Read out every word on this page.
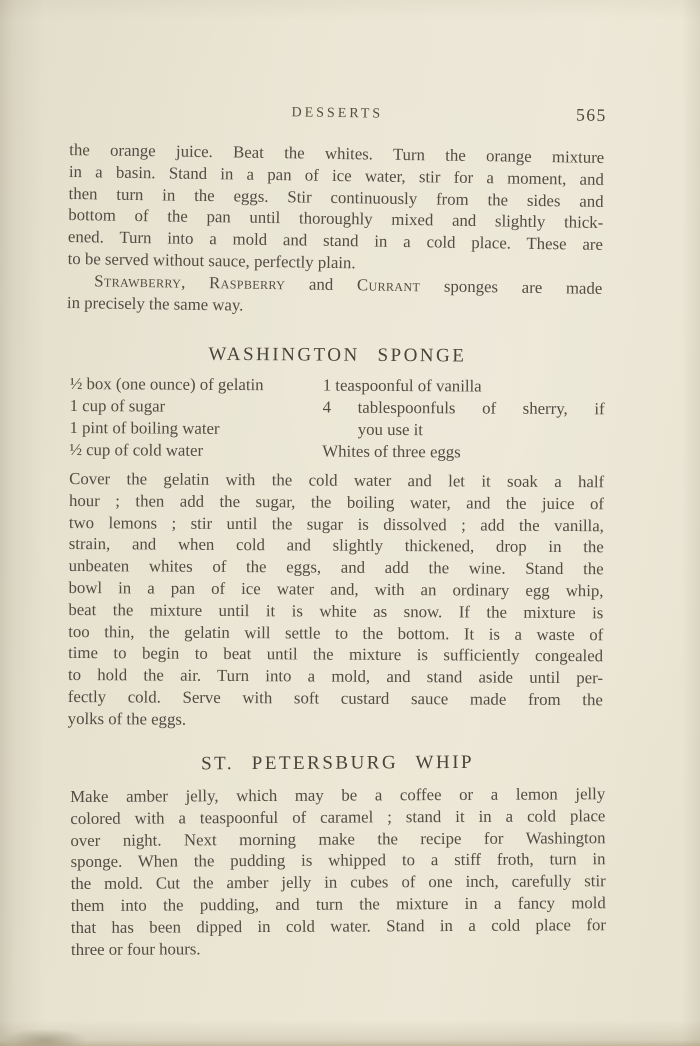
DESSERTS	565
the orange juice. Beat the whites. Turn the orange mixture
in a basin. Stand in a pan of ice water, stir for a moment, and
then turn in the eggs. Stir continuously from the sides and
bottom of the pan until thoroughly mixed and slightly thick-
ened. Turn into a mold and stand in a cold place. These are
to be served without sauce, perfectly plain.
Strawberry, Raspberry and Currant sponges are made
in precisely the same way.
WASHINGTON SPONGE
½ box (one ounce) of gelatin
1 cup of sugar
1 pint of boiling water
½ cup of cold water
1 teaspoonful of vanilla
4 tablespoonfuls of sherry, if
you use it
Whites of three eggs
Cover the gelatin with the cold water and let it soak a half
hour ; then add the sugar, the boiling water, and the juice of
two lemons ; stir until the sugar is dissolved ; add the vanilla,
strain, and when cold and slightly thickened, drop in the
unbeaten whites of the eggs, and add the wine. Stand the
bowl in a pan of ice water and, with an ordinary egg whip,
beat the mixture until it is white as snow. If the mixture is
too thin, the gelatin will settle to the bottom. It is a waste of
time to begin to beat until the mixture is sufficiently congealed
to hold the air. Turn into a mold, and stand aside until per-
fectly cold. Serve with soft custard sauce made from the
yolks of the eggs.
ST. PETERSBURG WHIP
Make amber jelly, which may be a coffee or a lemon jelly
colored with a teaspoonful of caramel ; stand it in a cold place
over night. Next morning make the recipe for Washington
sponge. When the pudding is whipped to a stiff froth, turn in
the mold. Cut the amber jelly in cubes of one inch, carefully stir
them into the pudding, and turn the mixture in a fancy mold
that has been dipped in cold water. Stand in a cold place for
three or four hours.
